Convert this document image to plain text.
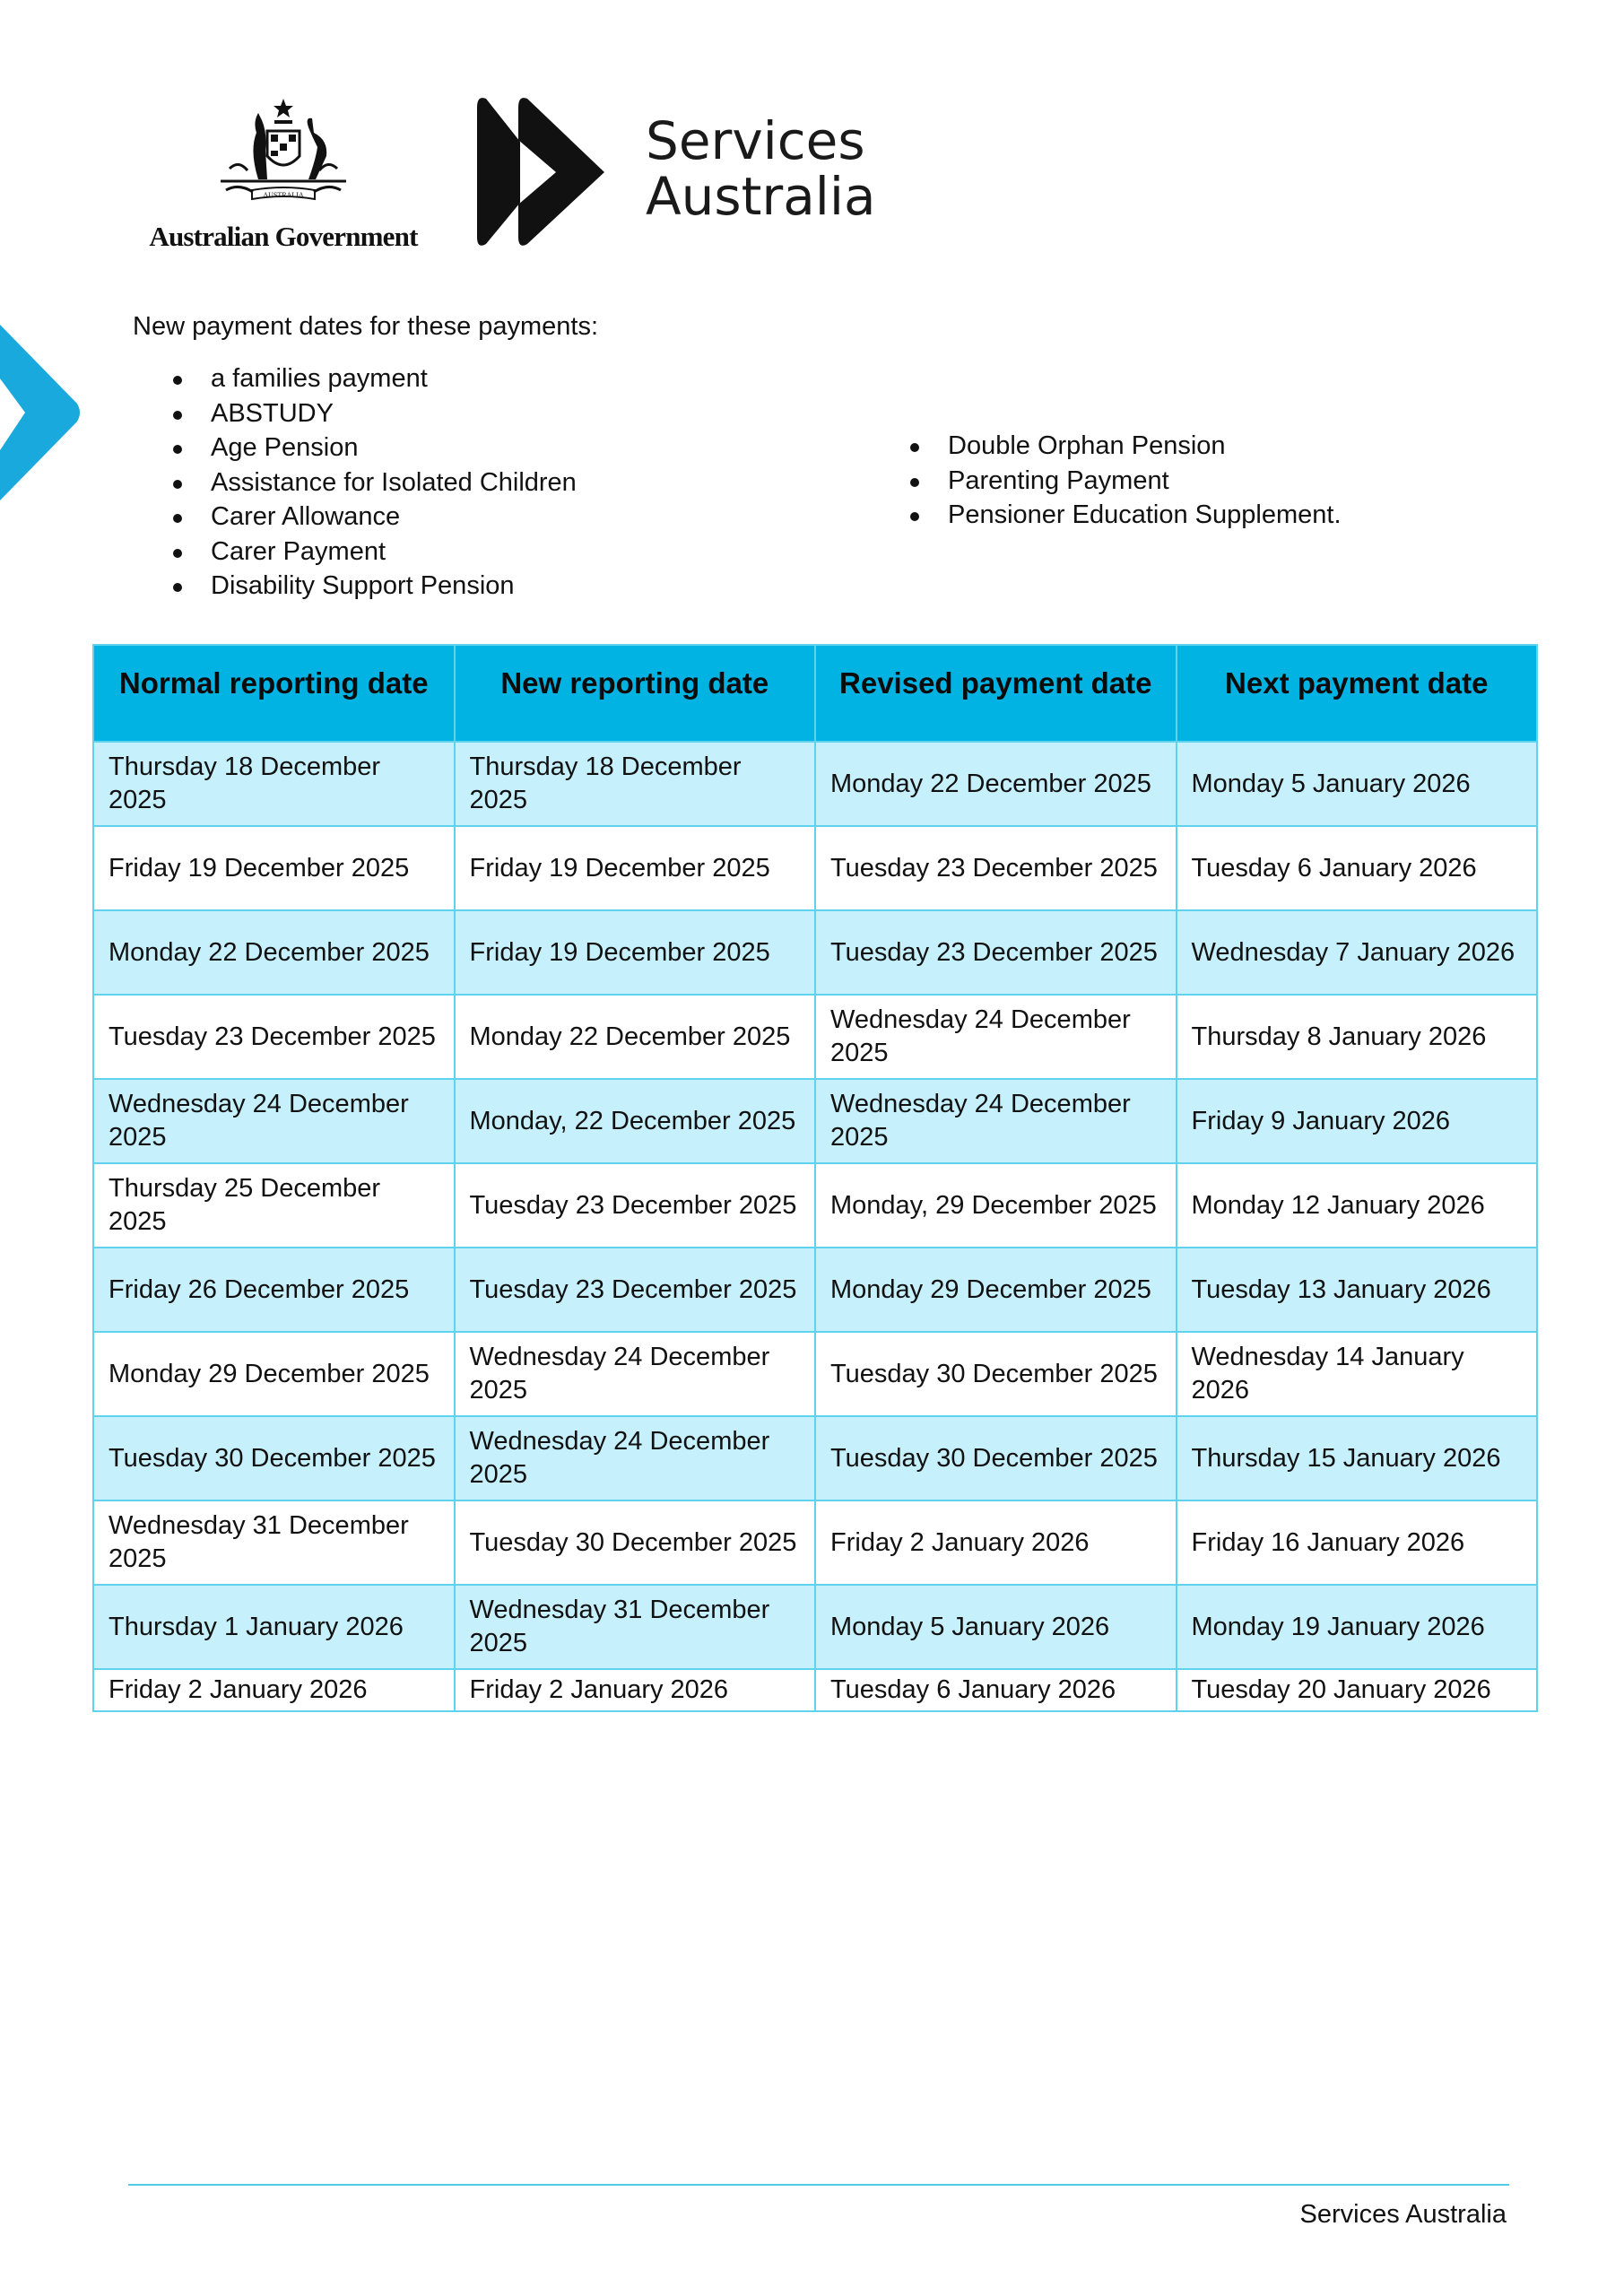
AUSTRALIA
Australian Government
Services
Australia
New payment dates for these payments:
a families payment
ABSTUDY
Age Pension
Assistance for Isolated Children
Carer Allowance
Carer Payment
Disability Support Pension
Double Orphan Pension
Parenting Payment
Pensioner Education Supplement.
Normal reporting date	New reporting date	Revised payment date	Next payment date
Thursday 18 December 2025	Thursday 18 December 2025	Monday 22 December 2025	Monday 5 January 2026
Friday 19 December 2025	Friday 19 December 2025	Tuesday 23 December 2025	Tuesday 6 January 2026
Monday 22 December 2025	Friday 19 December 2025	Tuesday 23 December 2025	Wednesday 7 January 2026
Tuesday 23 December 2025	Monday 22 December 2025	Wednesday 24 December 2025	Thursday 8 January 2026
Wednesday 24 December 2025	Monday, 22 December 2025	Wednesday 24 December 2025	Friday 9 January 2026
Thursday 25 December 2025	Tuesday 23 December 2025	Monday, 29 December 2025	Monday 12 January 2026
Friday 26 December 2025	Tuesday 23 December 2025	Monday 29 December 2025	Tuesday 13 January 2026
Monday 29 December 2025	Wednesday 24 December 2025	Tuesday 30 December 2025	Wednesday 14 January 2026
Tuesday 30 December 2025	Wednesday 24 December 2025	Tuesday 30 December 2025	Thursday 15 January 2026
Wednesday 31 December 2025	Tuesday 30 December 2025	Friday 2 January 2026	Friday 16 January 2026
Thursday 1 January 2026	Wednesday 31 December 2025	Monday 5 January 2026	Monday 19 January 2026
Friday 2 January 2026	Friday 2 January 2026	Tuesday 6 January 2026	Tuesday 20 January 2026
Services Australia
